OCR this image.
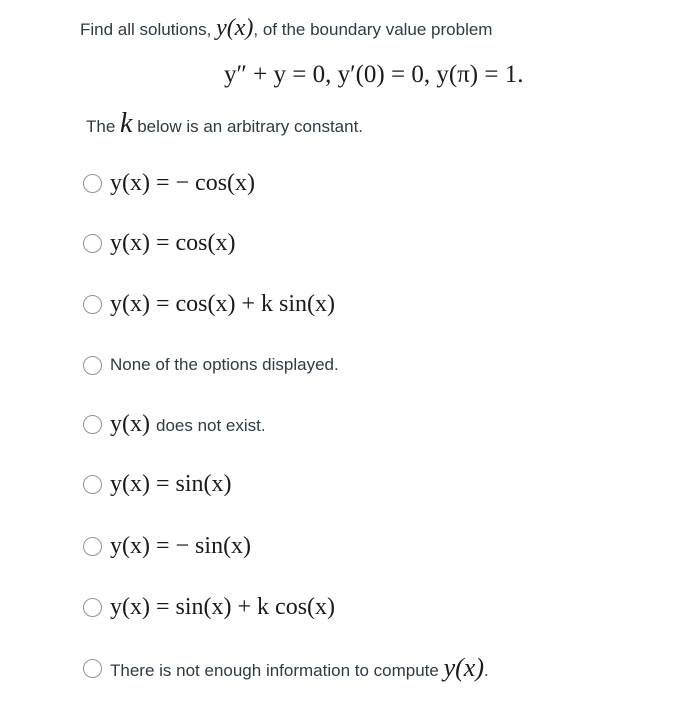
Find all solutions, y(x), of the boundary value problem
y″ + y = 0, y′(0) = 0, y(π) = 1.
The k below is an arbitrary constant.
y(x) = − cos(x)
y(x) = cos(x)
y(x) = cos(x) + k sin(x)
None of the options displayed.
y(x) does not exist.
y(x) = sin(x)
y(x) = − sin(x)
y(x) = sin(x) + k cos(x)
There is not enough information to compute y(x).
